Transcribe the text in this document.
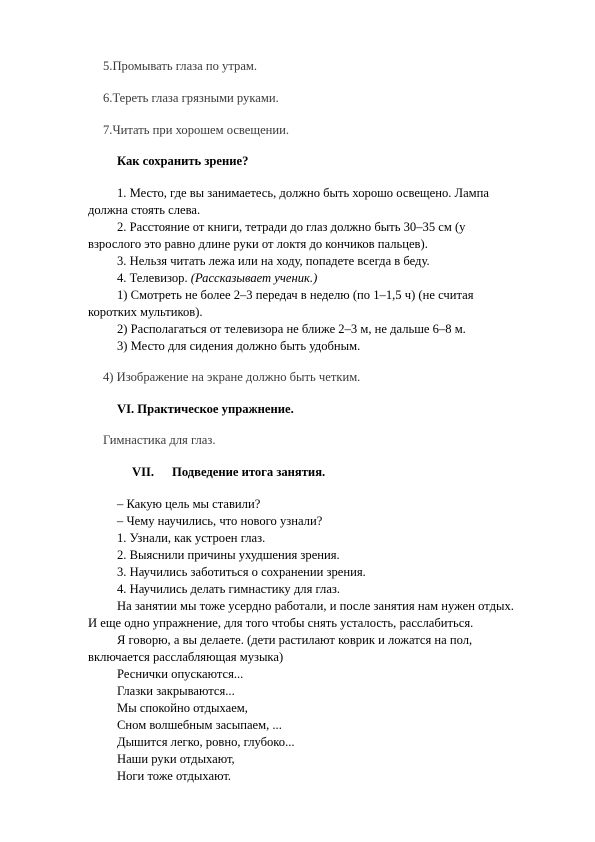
5.Промывать глаза по утрам.
6.Тереть глаза грязными руками.
7.Читать при хорошем освещении.
Как сохранить зрение?
1. Место, где вы занимаетесь, должно быть хорошо освещено. Лампа
должна стоять слева.
2. Расстояние от книги, тетради до глаз должно быть 30–35 см (у
взрослого это равно длине руки от локтя до кончиков пальцев).
3. Нельзя читать лежа или на ходу, попадете всегда в беду.
4. Телевизор. (Рассказывает ученик.)
1) Смотреть не более 2–3 передач в неделю (по 1–1,5 ч) (не считая
коротких мультиков).
2) Располагаться от телевизора не ближе 2–3 м, не дальше 6–8 м.
3) Место для сидения должно быть удобным.
4) Изображение на экране должно быть четким.
VI. Практическое упражнение.
Гимнастика для глаз.
VII. Подведение итога занятия.
– Какую цель мы ставили?
– Чему научились, что нового узнали?
1. Узнали, как устроен глаз.
2. Выяснили причины ухудшения зрения.
3. Научились заботиться о сохранении зрения.
4. Научились делать гимнастику для глаз.
На занятии мы тоже усердно работали, и после занятия нам нужен отдых.
И еще одно упражнение, для того чтобы снять усталость, расслабиться.
Я говорю, а вы делаете. (дети растилают коврик и ложатся на пол,
включается расслабляющая музыка)
Реснички опускаются...
Глазки закрываются...
Мы спокойно отдыхаем,
Сном волшебным засыпаем, ...
Дышится легко, ровно, глубоко...
Наши руки отдыхают,
Ноги тоже отдыхают.
